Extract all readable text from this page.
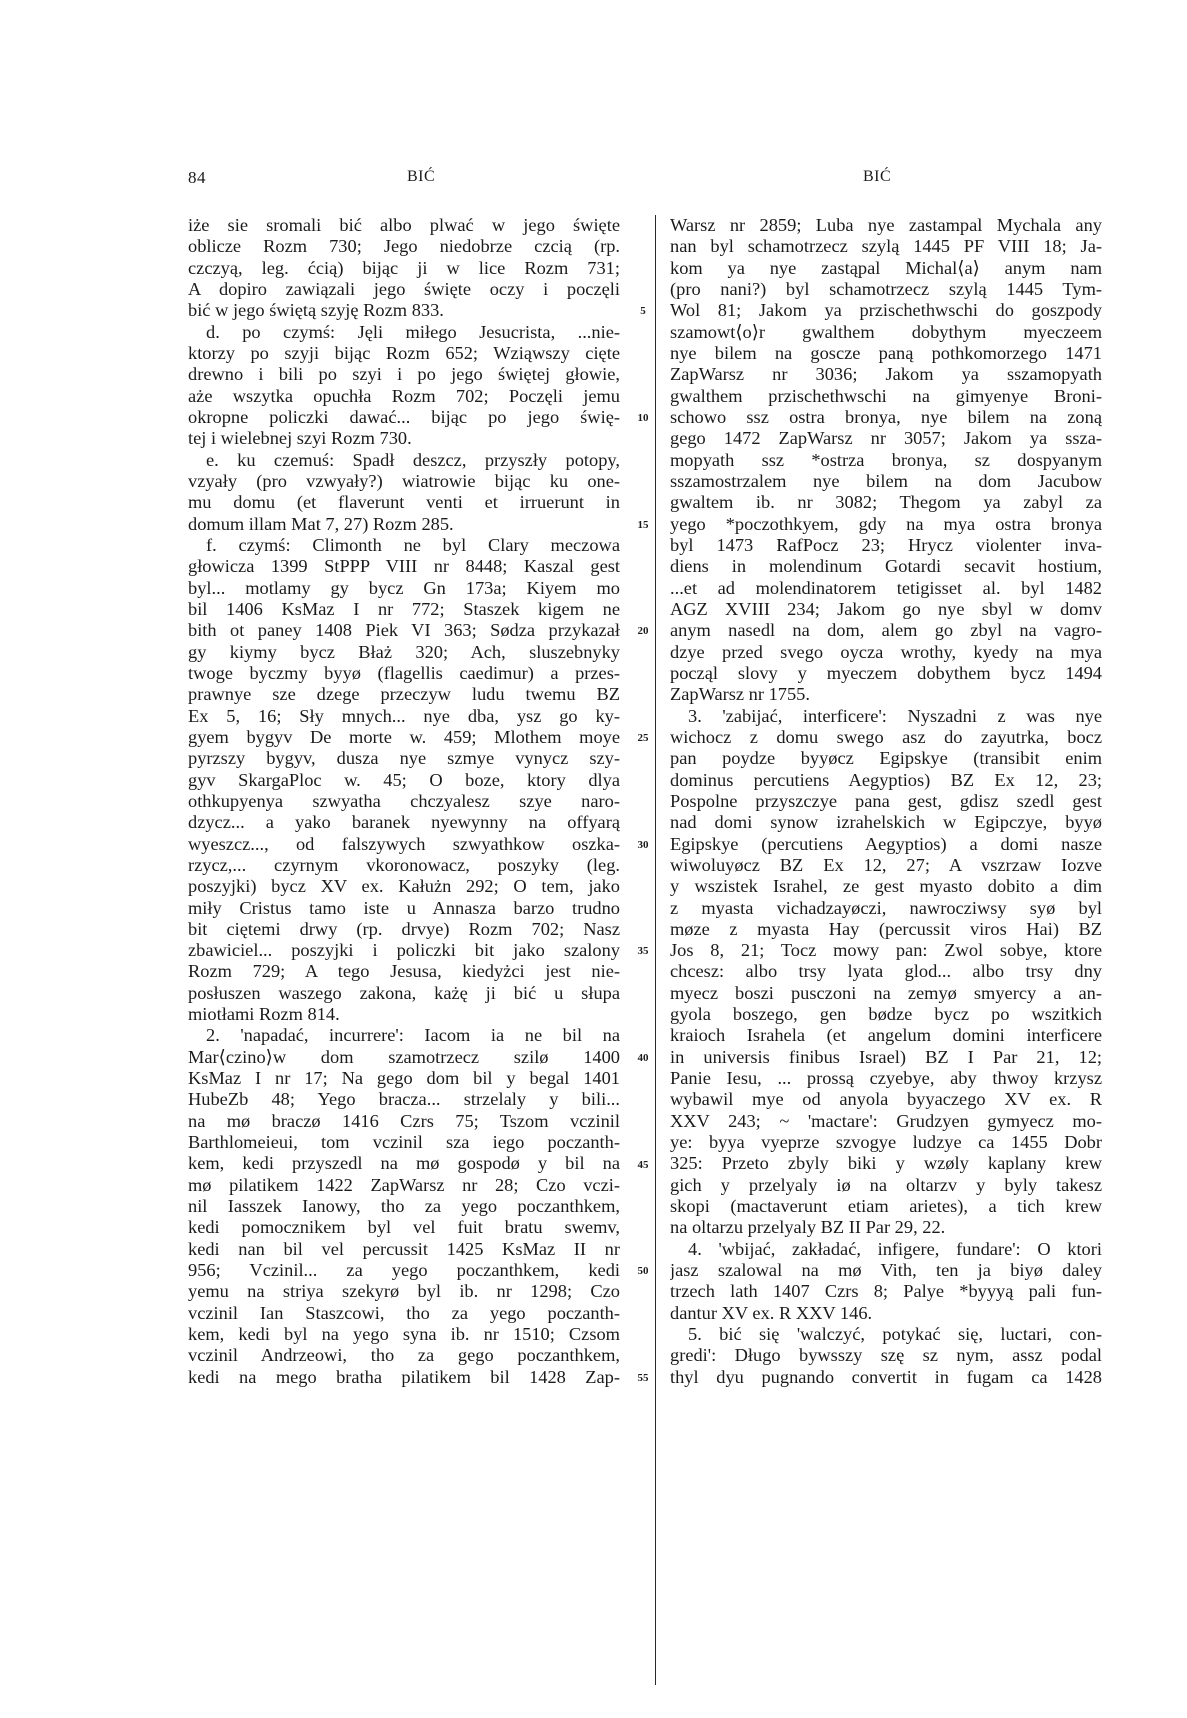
84	BIĆ	BIĆ
iże sie sromali bić albo plwać w jego święte
oblicze Rozm 730; Jego niedobrze czcią (rp.
czczyą, leg. ćcią) bijąc ji w lice Rozm 731;
A dopiro zawiązali jego święte oczy i poczęli
bić w jego świętą szyję Rozm 833.
d. po czymś: Jęli miłego Jesucrista, ...nie-
ktorzy po szyji bijąc Rozm 652; Wziąwszy cięte
drewno i bili po szyi i po jego świętej głowie,
aże wszytka opuchła Rozm 702; Poczęli jemu
okropne policzki dawać... bijąc po jego świę-
tej i wielebnej szyi Rozm 730.
e. ku czemuś: Spadł deszcz, przyszły potopy,
vzyały (pro vzwyały?) wiatrowie bijąc ku one-
mu domu (et flaverunt venti et irruerunt in
domum illam Mat 7, 27) Rozm 285.
f. czymś: Climonth ne byl Clary meczowa
głowicza 1399 StPPP VIII nr 8448; Kaszal gest
byl... motlamy gy bycz Gn 173a; Kiyem mo
bil 1406 KsMaz I nr 772; Staszek kigem ne
bith ot paney 1408 Piek VI 363; Sødza przykazał
gy kiymy bycz Błaż 320; Ach, sluszebnyky
twoge byczmy byyø (flagellis caedimur) a przes-
prawnye sze dzege przeczyw ludu twemu BZ
Ex 5, 16; Sły mnych... nye dba, ysz go ky-
gyem bygyv De morte w. 459; Mlothem moye
pyrzszy bygyv, dusza nye szmye vynycz szy-
gyv SkargaPloc w. 45; O boze, ktory dlya
othkupyenya szwyatha chczyalesz szye naro-
dzycz... a yako baranek nyewynny na offyarą
wyeszcz..., od falszywych szwyathkow oszka-
rzycz,... czyrnym vkoronowacz, poszyky (leg.
poszyjki) bycz XV ex. Kałużn 292; O tem, jako
miły Cristus tamo iste u Annasza barzo trudno
bit ciętemi drwy (rp. drvye) Rozm 702; Nasz
zbawiciel... poszyjki i policzki bit jako szalony
Rozm 729; A tego Jesusa, kiedyżci jest nie-
posłuszen waszego zakona, każę ji bić u słupa
miotłami Rozm 814.
2. 'napadać, incurrere': Iacom ia ne bil na
Mar⟨czino⟩w dom szamotrzecz szilø 1400
KsMaz I nr 17; Na gego dom bil y begal 1401
HubeZb 48; Yego bracza... strzelaly y bili...
na mø braczø 1416 Czrs 75; Tszom vczinil
Barthlomeieui, tom vczinil sza iego poczanth-
kem, kedi przyszedl na mø gospodø y bil na
mø pilatikem 1422 ZapWarsz nr 28; Czo vczi-
nil Iasszek Ianowy, tho za yego poczanthkem,
kedi pomocznikem byl vel fuit bratu swemv,
kedi nan bil vel percussit 1425 KsMaz II nr
956; Vczinil... za yego poczanthkem, kedi
yemu na striya szekyrø byl ib. nr 1298; Czo
vczinil Ian Staszcowi, tho za yego poczanth-
kem, kedi byl na yego syna ib. nr 1510; Czsom
vczinil Andrzeowi, tho za gego poczanthkem,
kedi na mego bratha pilatikem bil 1428 Zap-
5
10
15
20
25
30
35
40
45
50
55
Warsz nr 2859; Luba nye zastampal Mychala any
nan byl schamotrzecz szylą 1445 PF VIII 18; Ja-
kom ya nye zastąpal Michal⟨a⟩ anym nam
(pro nani?) byl schamotrzecz szylą 1445 Tym-
Wol 81; Jakom ya przischethwschi do goszpody
szamowt⟨o⟩r gwalthem dobythym myeczeem
nye bilem na goscze paną pothkomorzego 1471
ZapWarsz nr 3036; Jakom ya sszamopyath
gwalthem przischethwschi na gimyenye Broni-
schowo ssz ostra bronya, nye bilem na zoną
gego 1472 ZapWarsz nr 3057; Jakom ya ssza-
mopyath ssz *ostrza bronya, sz dospyanym
sszamostrzalem nye bilem na dom Jacubow
gwaltem ib. nr 3082; Thegom ya zabyl za
yego *poczothkyem, gdy na mya ostra bronya
byl 1473 RafPocz 23; Hrycz violenter inva-
diens in molendinum Gotardi secavit hostium,
...et ad molendinatorem tetigisset al. byl 1482
AGZ XVIII 234; Jakom go nye sbyl w domv
anym nasedl na dom, alem go zbyl na vagro-
dzye przed svego oycza wrothy, kyedy na mya
począl slovy y myeczem dobythem bycz 1494
ZapWarsz nr 1755.
3. 'zabijać, interficere': Nyszadni z was nye
wichocz z domu swego asz do zayutrka, bocz
pan poydze byyøcz Egipskye (transibit enim
dominus percutiens Aegyptios) BZ Ex 12, 23;
Pospolne przyszczye pana gest, gdisz szedl gest
nad domi synow izrahelskich w Egipczye, byyø
Egipskye (percutiens Aegyptios) a domi nasze
wiwoluyøcz BZ Ex 12, 27; A vszrzaw Iozve
y wszistek Israhel, ze gest myasto dobito a dim
z myasta vichadzayøczi, nawrocziwsy syø byl
møze z myasta Hay (percussit viros Hai) BZ
Jos 8, 21; Tocz mowy pan: Zwol sobye, ktore
chcesz: albo trsy lyata glod... albo trsy dny
myecz boszi pusczoni na zemyø smyercy a an-
gyola boszego, gen bødze bycz po wszitkich
kraioch Israhela (et angelum domini interficere
in universis finibus Israel) BZ I Par 21, 12;
Panie Iesu, ... prossą czyebye, aby thwoy krzysz
wybawil mye od anyola byyaczego XV ex. R
XXV 243; ~ 'mactare': Grudzyen gymyecz mo-
ye: byya vyeprze szvogye ludzye ca 1455 Dobr
325: Przeto zbyly biki y wzøly kaplany krew
gich y przelyaly iø na oltarzv y byly takesz
skopi (mactaverunt etiam arietes), a tich krew
na oltarzu przelyaly BZ II Par 29, 22.
4. 'wbijać, zakładać, infigere, fundare': O ktori
jasz szalowal na mø Vith, ten ja biyø daley
trzech lath 1407 Czrs 8; Palye *byyyą pali fun-
dantur XV ex. R XXV 146.
5. bić się 'walczyć, potykać się, luctari, con-
gredi': Długo bywsszy szę sz nym, assz podal
thyl dyu pugnando convertit in fugam ca 1428
